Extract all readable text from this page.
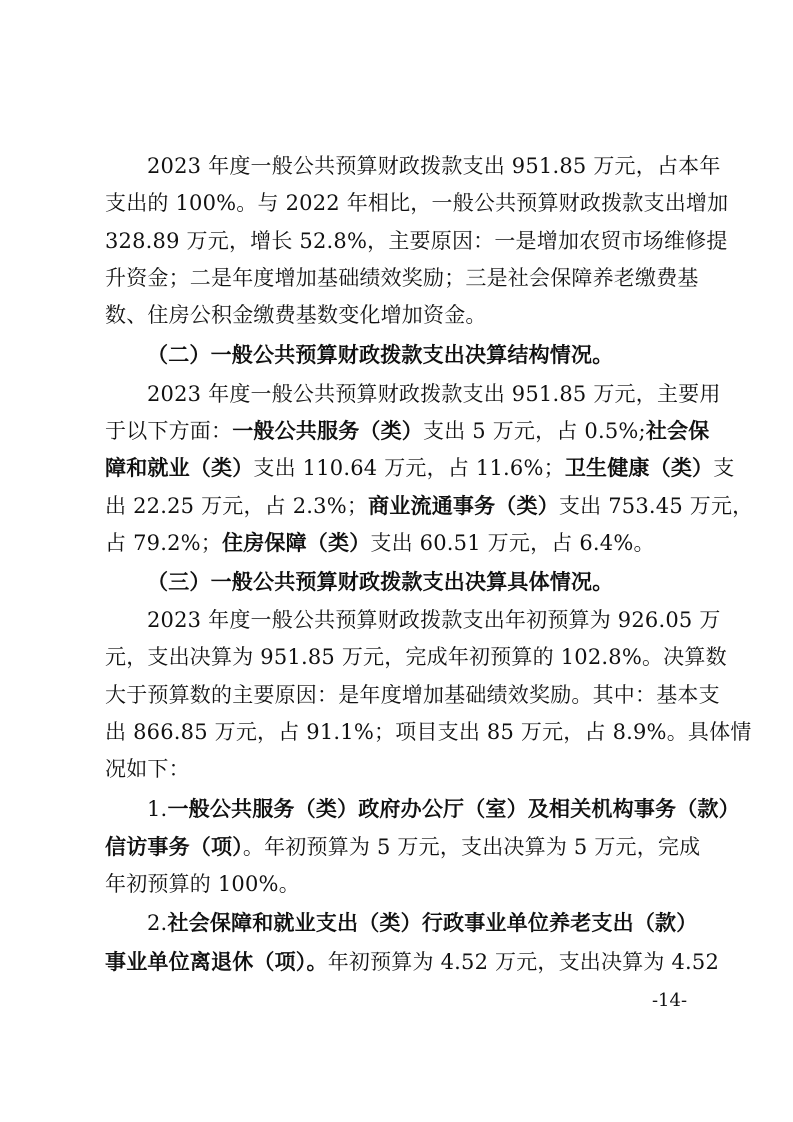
2023 年度一般公共预算财政拨款支出 951.85 万元，占本年
支出的 100%。与 2022 年相比，一般公共预算财政拨款支出增加
328.89 万元，增长 52.8%，主要原因：一是增加农贸市场维修提
升资金；二是年度增加基础绩效奖励；三是社会保障养老缴费基
数、住房公积金缴费基数变化增加资金。
（二）一般公共预算财政拨款支出决算结构情况。
2023 年度一般公共预算财政拨款支出 951.85 万元，主要用
于以下方面：一般公共服务（类）支出 5 万元，占 0.5%;社会保
障和就业（类）支出 110.64 万元，占 11.6%；卫生健康（类）支
出 22.25 万元，占 2.3%；商业流通事务（类）支出 753.45 万元，
占 79.2%；住房保障（类）支出 60.51 万元，占 6.4%。
（三）一般公共预算财政拨款支出决算具体情况。
2023 年度一般公共预算财政拨款支出年初预算为 926.05 万
元，支出决算为 951.85 万元，完成年初预算的 102.8%。决算数
大于预算数的主要原因：是年度增加基础绩效奖励。其中：基本支
出 866.85 万元，占 91.1%；项目支出 85 万元，占 8.9%。具体情
况如下：
1.一般公共服务（类）政府办公厅（室）及相关机构事务（款）
信访事务（项）。年初预算为 5 万元，支出决算为 5 万元，完成
年初预算的 100%。
2.社会保障和就业支出（类）行政事业单位养老支出（款）
事业单位离退休（项）。年初预算为 4.52 万元，支出决算为 4.52
-14-
